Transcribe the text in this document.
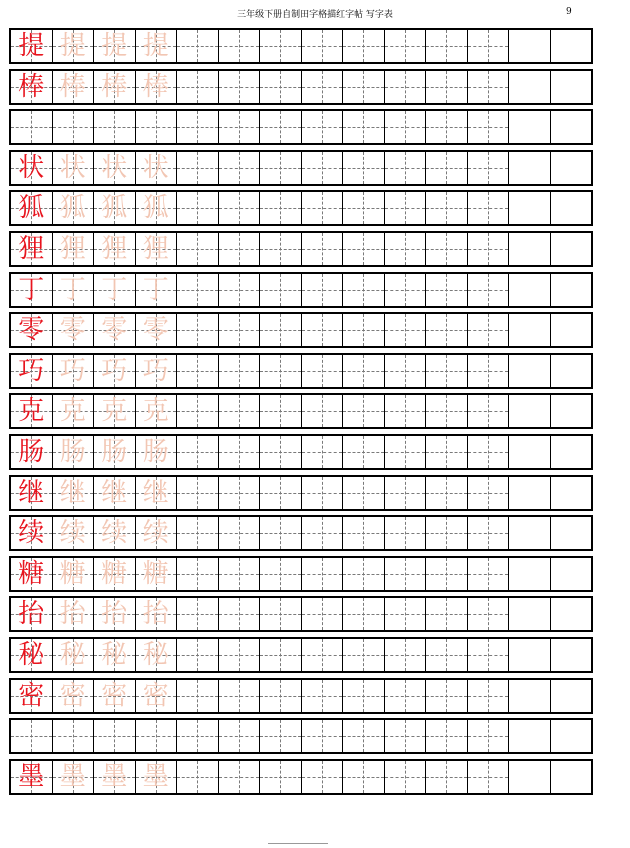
三年级下册自制田字格描红字帖 写字表	9
提 提 提 提
棒 棒 棒 棒
状 状 状 状
狐 狐 狐 狐
狸 狸 狸 狸
丁 丁 丁 丁
零 零 零 零
巧 巧 巧 巧
克 克 克 克
肠 肠 肠 肠
继 继 继 继
续 续 续 续
糖 糖 糖 糖
抬 抬 抬 抬
秘 秘 秘 秘
密 密 密 密
墨 墨 墨 墨
